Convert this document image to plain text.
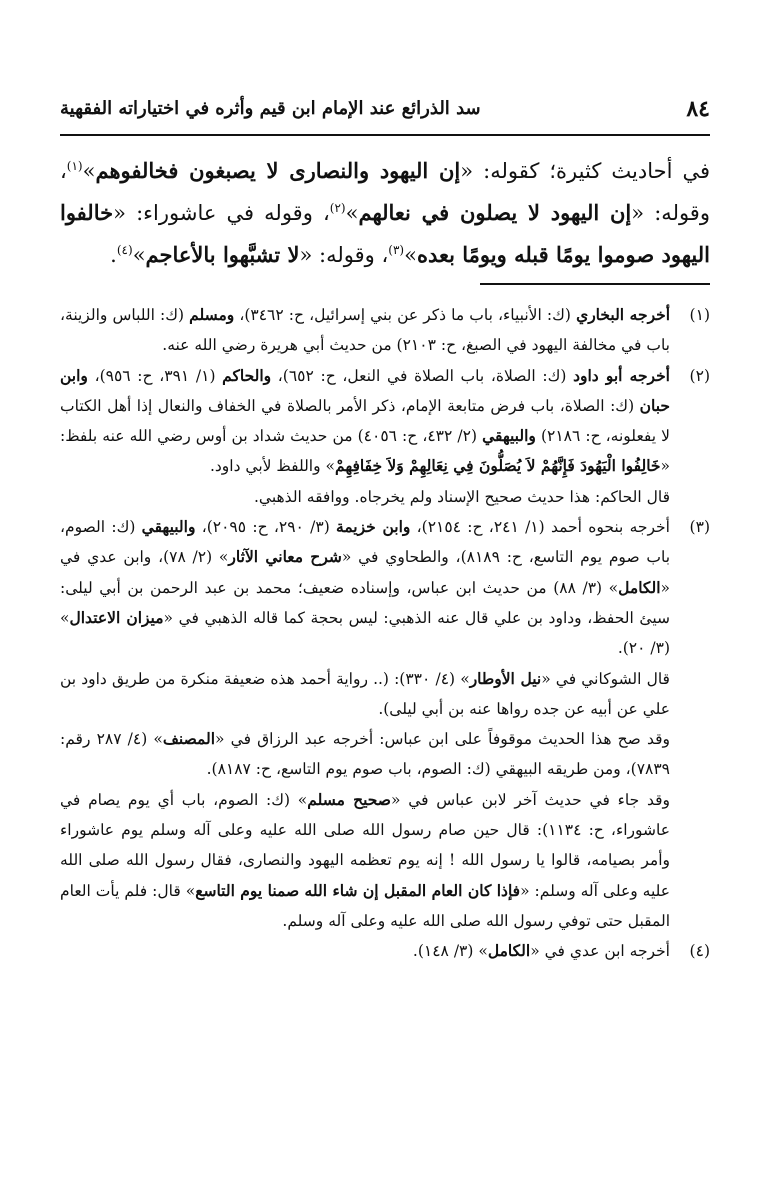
٨٤
سد الذرائع عند الإمام ابن قيم وأثره في اختياراته الفقهية
في أحاديث كثيرة؛ كقوله: «إن اليهود والنصارى لا يصبغون فخالفوهم»$^{(١)}$، وقوله: «إن اليهود لا يصلون في نعالهم»$^{(٢)}$، وقوله في عاشوراء: «خالفوا اليهود صوموا يومًا قبله ويومًا بعده»$^{(٣)}$، وقوله: «لا تشبَّهوا بالأعاجم»$^{(٤)}$.
(١)

أخرجه البخاري (ك: الأنبياء، باب ما ذكر عن بني إسرائيل، ح: ٣٤٦٢)، ومسلم (ك: اللباس والزينة، باب في مخالفة اليهود في الصبغ، ح: ٢١٠٣) من حديث أبي هريرة رضي الله عنه.

(٢)

أخرجه أبو داود (ك: الصلاة، باب الصلاة في النعل، ح: ٦٥٢)، والحاكم (١/ ٣٩١، ح: ٩٥٦)، وابن حبان (ك: الصلاة، باب فرض متابعة الإمام، ذكر الأمر بالصلاة في الخفاف والنعال إذا أهل الكتاب لا يفعلونه، ح: ٢١٨٦) والبيهقي (٢/ ٤٣٢، ح: ٤٠٥٦) من حديث شداد بن أوس رضي الله عنه بلفظ: «خَالِفُوا الْيَهُودَ فَإِنَّهُمْ لاَ يُصَلُّونَ فِي نِعَالِهِمْ وَلاَ خِفَافِهِمْ» واللفظ لأبي داود.

قال الحاكم: هذا حديث صحيح الإسناد ولم يخرجاه. ووافقه الذهبي.

(٣)

أخرجه بنحوه أحمد (١/ ٢٤١، ح: ٢١٥٤)، وابن خزيمة (٣/ ٢٩٠، ح: ٢٠٩٥)، والبيهقي (ك: الصوم، باب صوم يوم التاسع، ح: ٨١٨٩)، والطحاوي في «شرح معاني الآثار» (٢/ ٧٨)، وابن عدي في «الكامل» (٣/ ٨٨) من حديث ابن عباس، وإسناده ضعيف؛ محمد بن عبد الرحمن بن أبي ليلى: سيئ الحفظ، وداود بن علي قال عنه الذهبي: ليس بحجة كما قاله الذهبي في «ميزان الاعتدال» (٣/ ٢٠).

قال الشوكاني في «نيل الأوطار» (٤/ ٣٣٠): (.. رواية أحمد هذه ضعيفة منكرة من طريق داود بن علي عن أبيه عن جده رواها عنه بن أبي ليلى).

وقد صح هذا الحديث موقوفاً على ابن عباس: أخرجه عبد الرزاق في «المصنف» (٤/ ٢٨٧ رقم: ٧٨٣٩)، ومن طريقه البيهقي (ك: الصوم، باب صوم يوم التاسع، ح: ٨١٨٧).

وقد جاء في حديث آخر لابن عباس في «صحيح مسلم» (ك: الصوم، باب أي يوم يصام في عاشوراء، ح: ١١٣٤): قال حين صام رسول الله صلى الله عليه وعلى آله وسلم يوم عاشوراء وأمر بصيامه، قالوا يا رسول الله ! إنه يوم تعظمه اليهود والنصارى، فقال رسول الله صلى الله عليه وعلى آله وسلم: «فإذا كان العام المقبل إن شاء الله صمنا يوم التاسع» قال: فلم يأت العام المقبل حتى توفي رسول الله صلى الله عليه وعلى آله وسلم.

(٤)

أخرجه ابن عدي في «الكامل» (٣/ ١٤٨).
